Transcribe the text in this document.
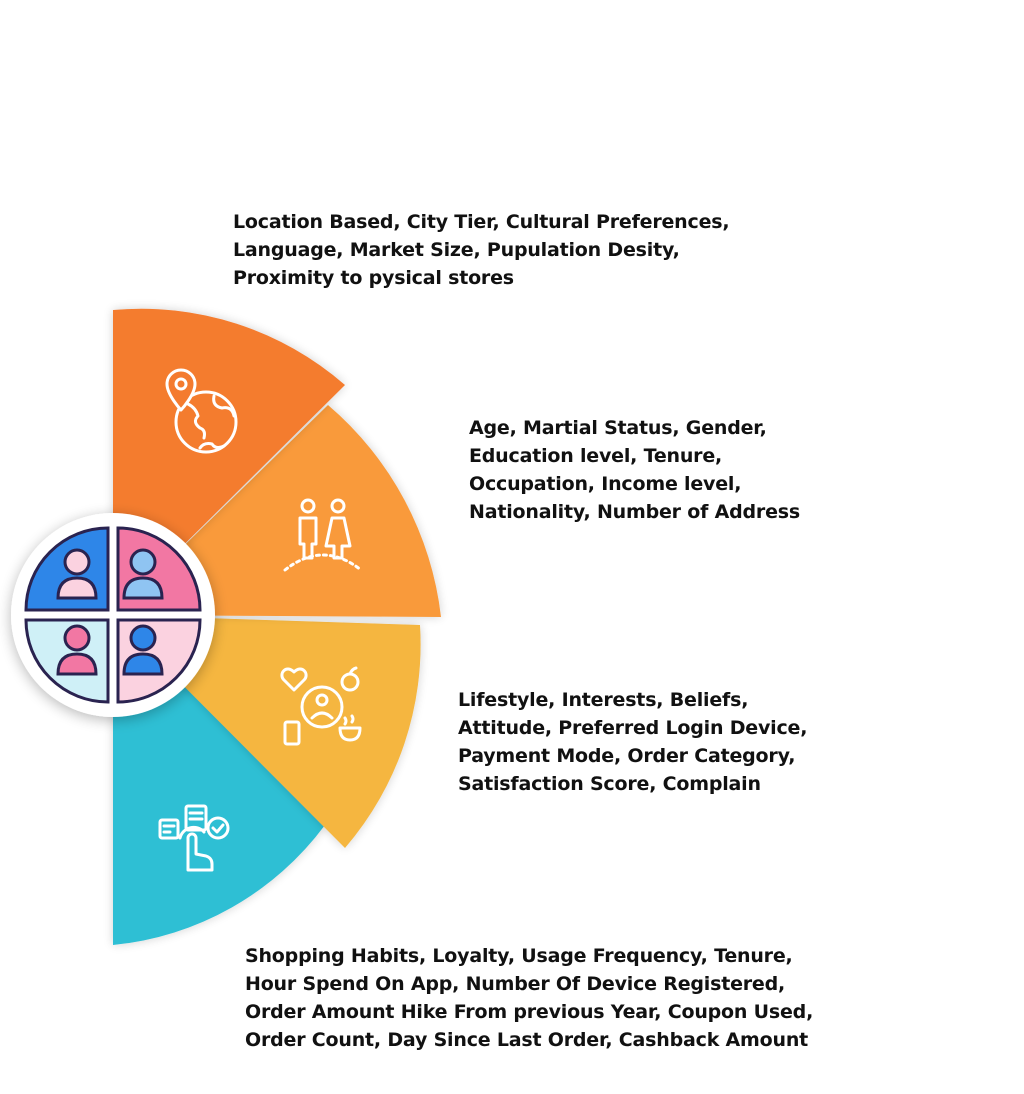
Location Based, City Tier, Cultural Preferences,
Language, Market Size, Pupulation Desity,
Proximity to pysical stores
Age, Martial Status, Gender,
Education level, Tenure,
Occupation, Income level,
Nationality, Number of Address
Lifestyle, Interests, Beliefs,
Attitude, Preferred Login Device,
Payment Mode, Order Category,
Satisfaction Score, Complain
Shopping Habits, Loyalty, Usage Frequency, Tenure,
Hour Spend On App, Number Of Device Registered,
Order Amount Hike From previous Year, Coupon Used,
Order Count, Day Since Last Order, Cashback Amount
